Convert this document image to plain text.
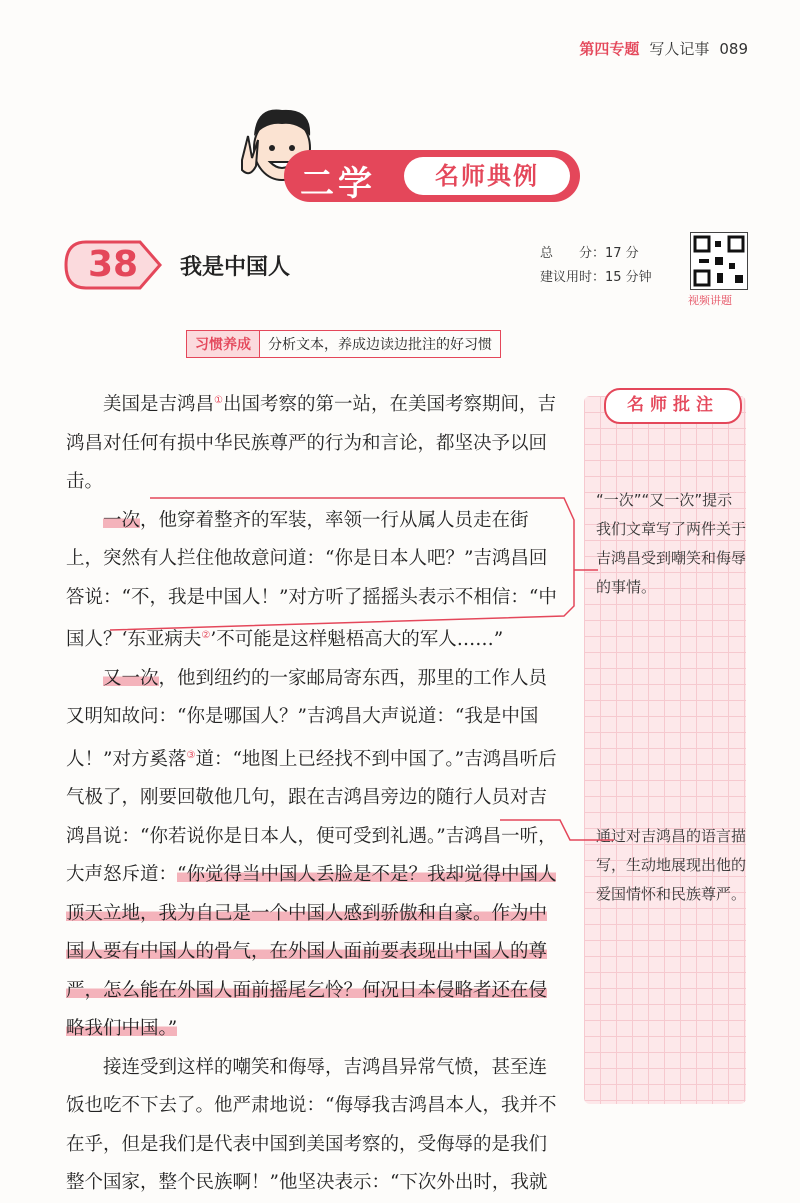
第四专题 写人记事 089
二学	名师典例
38	我是中国人
总　　分：17 分
建议用时：15 分钟
视频讲题
习惯养成	分析文本，养成边读边批注的好习惯

美国是吉鸿昌①出国考察的第一站，在美国考察期间，吉鸿昌对任何有损中华民族尊严的行为和言论，都坚决予以回击。

一次，他穿着整齐的军装，率领一行从属人员走在街上，突然有人拦住他故意问道：“你是日本人吧？”吉鸿昌回答说：“不，我是中国人！”对方听了摇摇头表示不相信：“中国人？‘东亚病夫②’不可能是这样魁梧高大的军人……”

又一次，他到纽约的一家邮局寄东西，那里的工作人员又明知故问：“你是哪国人？”吉鸿昌大声说道：“我是中国人！”对方奚落③道：“地图上已经找不到中国了。”吉鸿昌听后气极了，刚要回敬他几句，跟在吉鸿昌旁边的随行人员对吉鸿昌说：“你若说你是日本人，便可受到礼遇。”吉鸿昌一听，大声怒斥道：“你觉得当中国人丢脸是不是？我却觉得中国人顶天立地，我为自己是一个中国人感到骄傲和自豪。作为中国人要有中国人的骨气，在外国人面前要表现出中国人的尊严，怎么能在外国人面前摇尾乞怜？何况日本侵略者还在侵略我们中国。”

接连受到这样的嘲笑和侮辱，吉鸿昌异常气愤，甚至连饭也吃不下去了。他严肃地说：“侮辱我吉鸿昌本人，我并不在乎，但是我们是代表中国到美国考察的，受侮辱的是我们整个国家，整个民族啊！”他坚决表示：“下次外出时，我就

名师批注
“一次”“又一次”提示我们文章写了两件关于吉鸿昌受到嘲笑和侮辱的事情。
通过对吉鸿昌的语言描写，生动地展现出他的爱国情怀和民族尊严。
